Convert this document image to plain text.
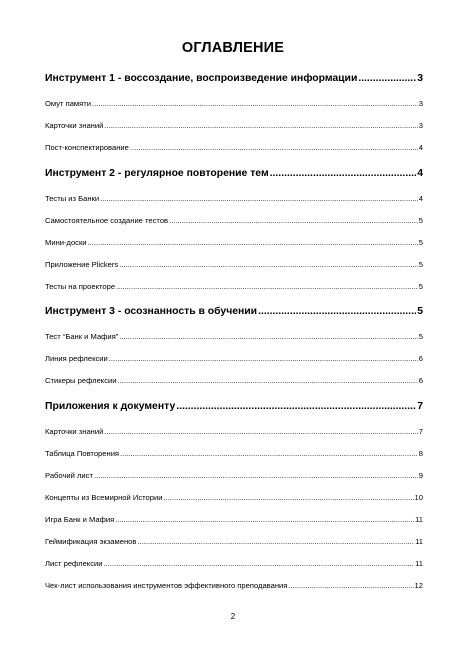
ОГЛАВЛЕНИЕ
Инструмент 1 - воссоздание, воспроизведение информации .....	3
Омут памяти .....	3
Карточки знаний .....	3
Пост-конспектирование .....	4
Инструмент 2 - регулярное повторение тем .....	4
Тесты из Банки .....	4
Самостоятельное создание тестов .....	5
Мини-доски .....	5
Приложение Plickers .....	5
Тесты на проекторе .....	5
Инструмент 3 - осознанность в обучении .....	5
Тест “Банк и Мафия” .....	5
Линия рефлексии .....	6
Стикеры рефлексии .....	6
Приложения к документу .....	7
Карточки знаний .....	7
Таблица Повторения .....	8
Рабочий лист .....	9
Концепты из Всемирной Истории .....	10
Игра Банк и Мафия .....	11
Геймификация экзаменов .....	11
Лист рефлексии .....	11
Чек-лист использования инструментов эффективного преподавания .....	12
2
